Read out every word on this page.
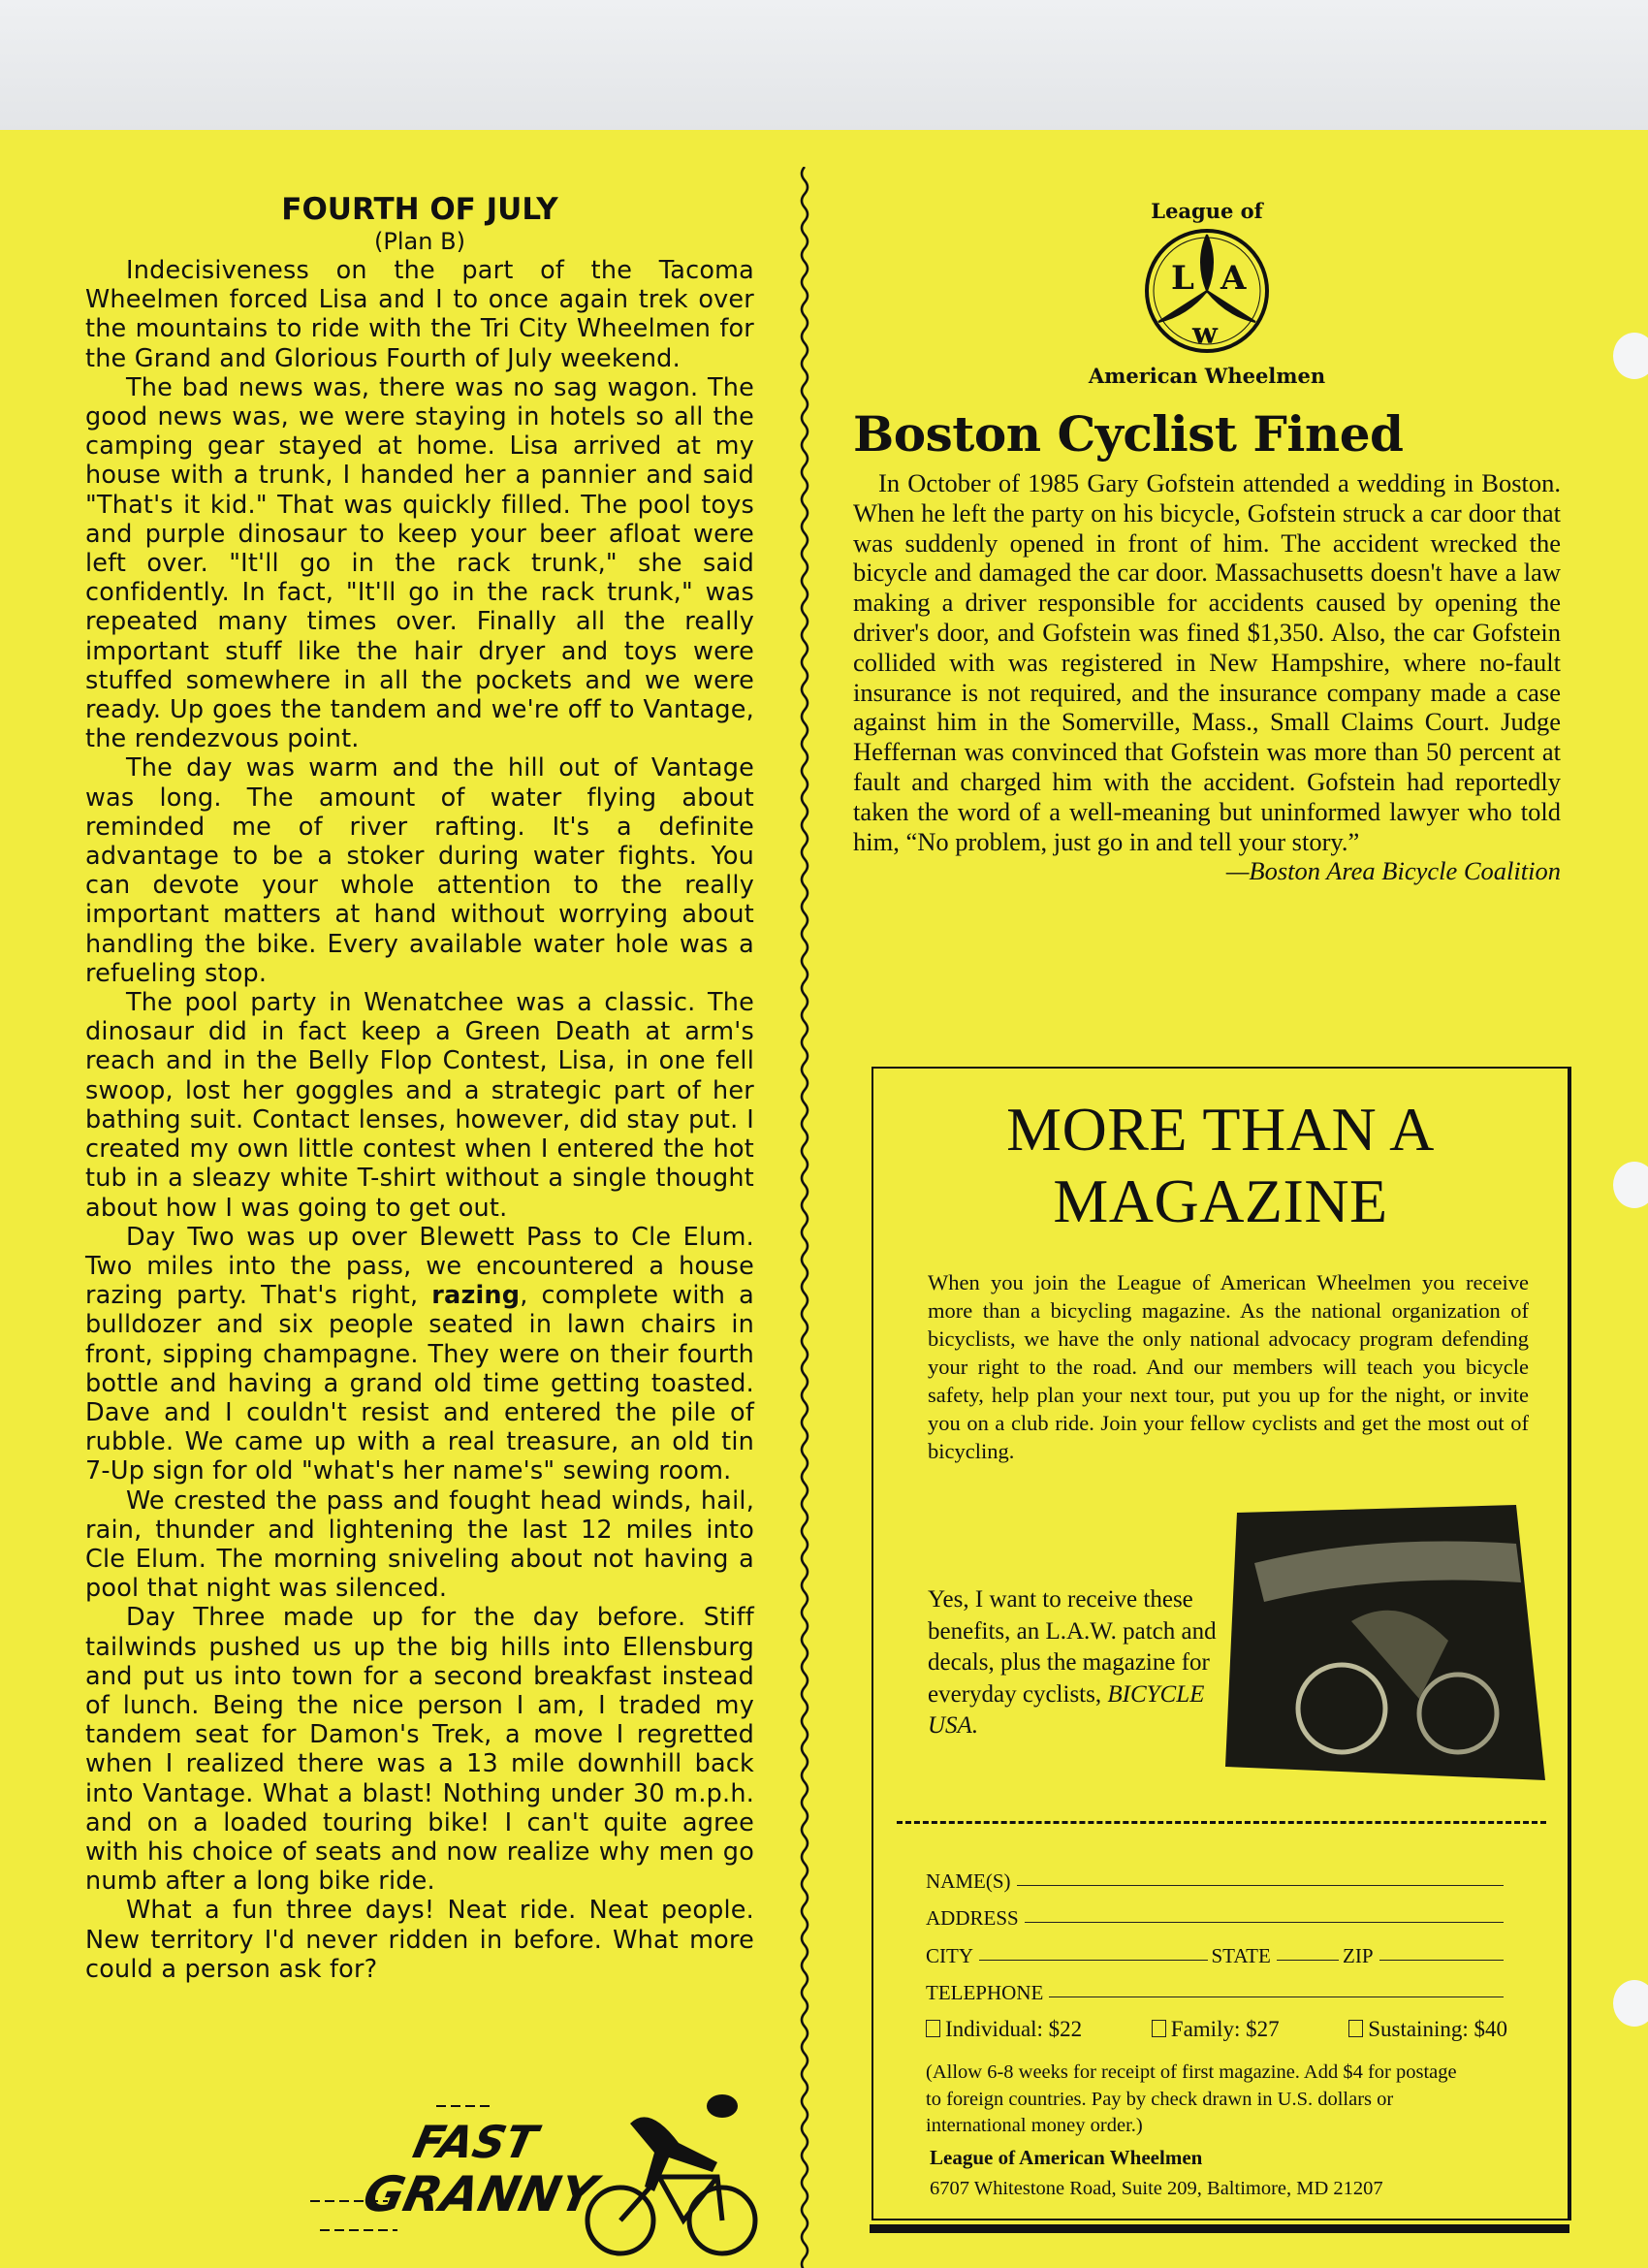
FOURTH OF JULY
(Plan B)

Indecisiveness on the part of the Tacoma Wheelmen forced Lisa and I to once again trek over the mountains to ride with the Tri City Wheelmen for the Grand and Glorious Fourth of July weekend.

The bad news was, there was no sag wagon. The good news was, we were staying in hotels so all the camping gear stayed at home. Lisa arrived at my house with a trunk, I handed her a pannier and said "That's it kid." That was quickly filled. The pool toys and purple dinosaur to keep your beer afloat were left over. "It'll go in the rack trunk," she said confidently. In fact, "It'll go in the rack trunk," was repeated many times over. Finally all the really important stuff like the hair dryer and toys were stuffed somewhere in all the pockets and we were ready. Up goes the tandem and we're off to Vantage, the rendezvous point.

The day was warm and the hill out of Vantage was long. The amount of water flying about reminded me of river rafting. It's a definite advantage to be a stoker during water fights. You can devote your whole attention to the really important matters at hand without worrying about handling the bike. Every available water hole was a refueling stop.

The pool party in Wenatchee was a classic. The dinosaur did in fact keep a Green Death at arm's reach and in the Belly Flop Contest, Lisa, in one fell swoop, lost her goggles and a strategic part of her bathing suit. Contact lenses, however, did stay put. I created my own little contest when I entered the hot tub in a sleazy white T-shirt without a single thought about how I was going to get out.

Day Two was up over Blewett Pass to Cle Elum. Two miles into the pass, we encountered a house razing party. That's right, razing, complete with a bulldozer and six people seated in lawn chairs in front, sipping champagne. They were on their fourth bottle and having a grand old time getting toasted. Dave and I couldn't resist and entered the pile of rubble. We came up with a real treasure, an old tin 7-Up sign for old "what's her name's" sewing room.

We crested the pass and fought head winds, hail, rain, thunder and lightening the last 12 miles into Cle Elum. The morning sniveling about not having a pool that night was silenced.

Day Three made up for the day before. Stiff tailwinds pushed us up the big hills into Ellensburg and put us into town for a second breakfast instead of lunch. Being the nice person I am, I traded my tandem seat for Damon's Trek, a move I regretted when I realized there was a 13 mile downhill back into Vantage. What a blast! Nothing under 30 m.p.h. and on a loaded touring bike! I can't quite agree with his choice of seats and now realize why men go numb after a long bike ride.

What a fun three days! Neat ride. Neat people. New territory I'd never ridden in before. What more could a person ask for?

FAST
GRANNY
League of
L A
w
American Wheelmen
Boston Cyclist Fined

In October of 1985 Gary Gofstein attended a wedding in Boston. When he left the party on his bicycle, Gofstein struck a car door that was suddenly opened in front of him. The accident wrecked the bicycle and damaged the car door. Massachusetts doesn't have a law making a driver responsible for accidents caused by opening the driver's door, and Gofstein was fined $1,350. Also, the car Gofstein collided with was registered in New Hampshire, where no-fault insurance is not required, and the insurance company made a case against him in the Somerville, Mass., Small Claims Court. Judge Heffernan was convinced that Gofstein was more than 50 percent at fault and charged him with the accident. Gofstein had reportedly taken the word of a well-meaning but uninformed lawyer who told him, “No problem, just go in and tell your story.”
—Boston Area Bicycle Coalition

MORE THAN A
MAGAZINE
When you join the League of American Wheelmen you receive more than a bicycling magazine. As the national organization of bicyclists, we have the only national advocacy program defending your right to the road. And our members will teach you bicycle safety, help plan your next tour, put you up for the night, or invite you on a club ride. Join your fellow cyclists and get the most out of bicycling.
Yes, I want to receive these benefits, an L.A.W. patch and decals, plus the magazine for everyday cyclists, BICYCLE USA.
NAME(S)
ADDRESS
CITY	STATE	ZIP
TELEPHONE
Individual: $22	Family: $27	Sustaining: $40
(Allow 6-8 weeks for receipt of first magazine. Add $4 for postage to foreign countries. Pay by check drawn in U.S. dollars or international money order.)
League of American Wheelmen
6707 Whitestone Road, Suite 209, Baltimore, MD 21207
